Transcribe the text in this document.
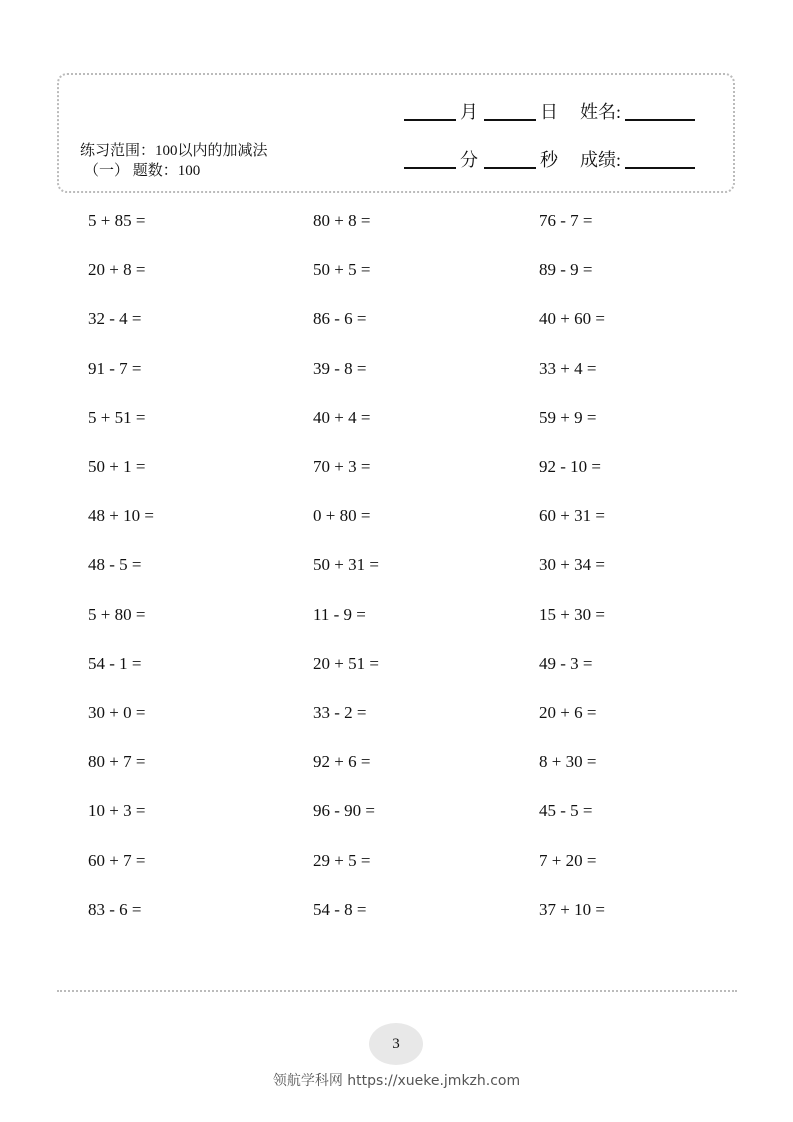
练习范围：100以内的加减法
（一） 题数：100
月	日 姓名:
分	秒 成绩:
5 + 85 =
20 + 8 =
32 - 4 =
91 - 7 =
5 + 51 =
50 + 1 =
48 + 10 =
48 - 5 =
5 + 80 =
54 - 1 =
30 + 0 =
80 + 7 =
10 + 3 =
60 + 7 =
83 - 6 =
80 + 8 =
50 + 5 =
86 - 6 =
39 - 8 =
40 + 4 =
70 + 3 =
0 + 80 =
50 + 31 =
11 - 9 =
20 + 51 =
33 - 2 =
92 + 6 =
96 - 90 =
29 + 5 =
54 - 8 =
76 - 7 =
89 - 9 =
40 + 60 =
33 + 4 =
59 + 9 =
92 - 10 =
60 + 31 =
30 + 34 =
15 + 30 =
49 - 3 =
20 + 6 =
8 + 30 =
45 - 5 =
7 + 20 =
37 + 10 =
3
领航学科网 https://xueke.jmkzh.com
